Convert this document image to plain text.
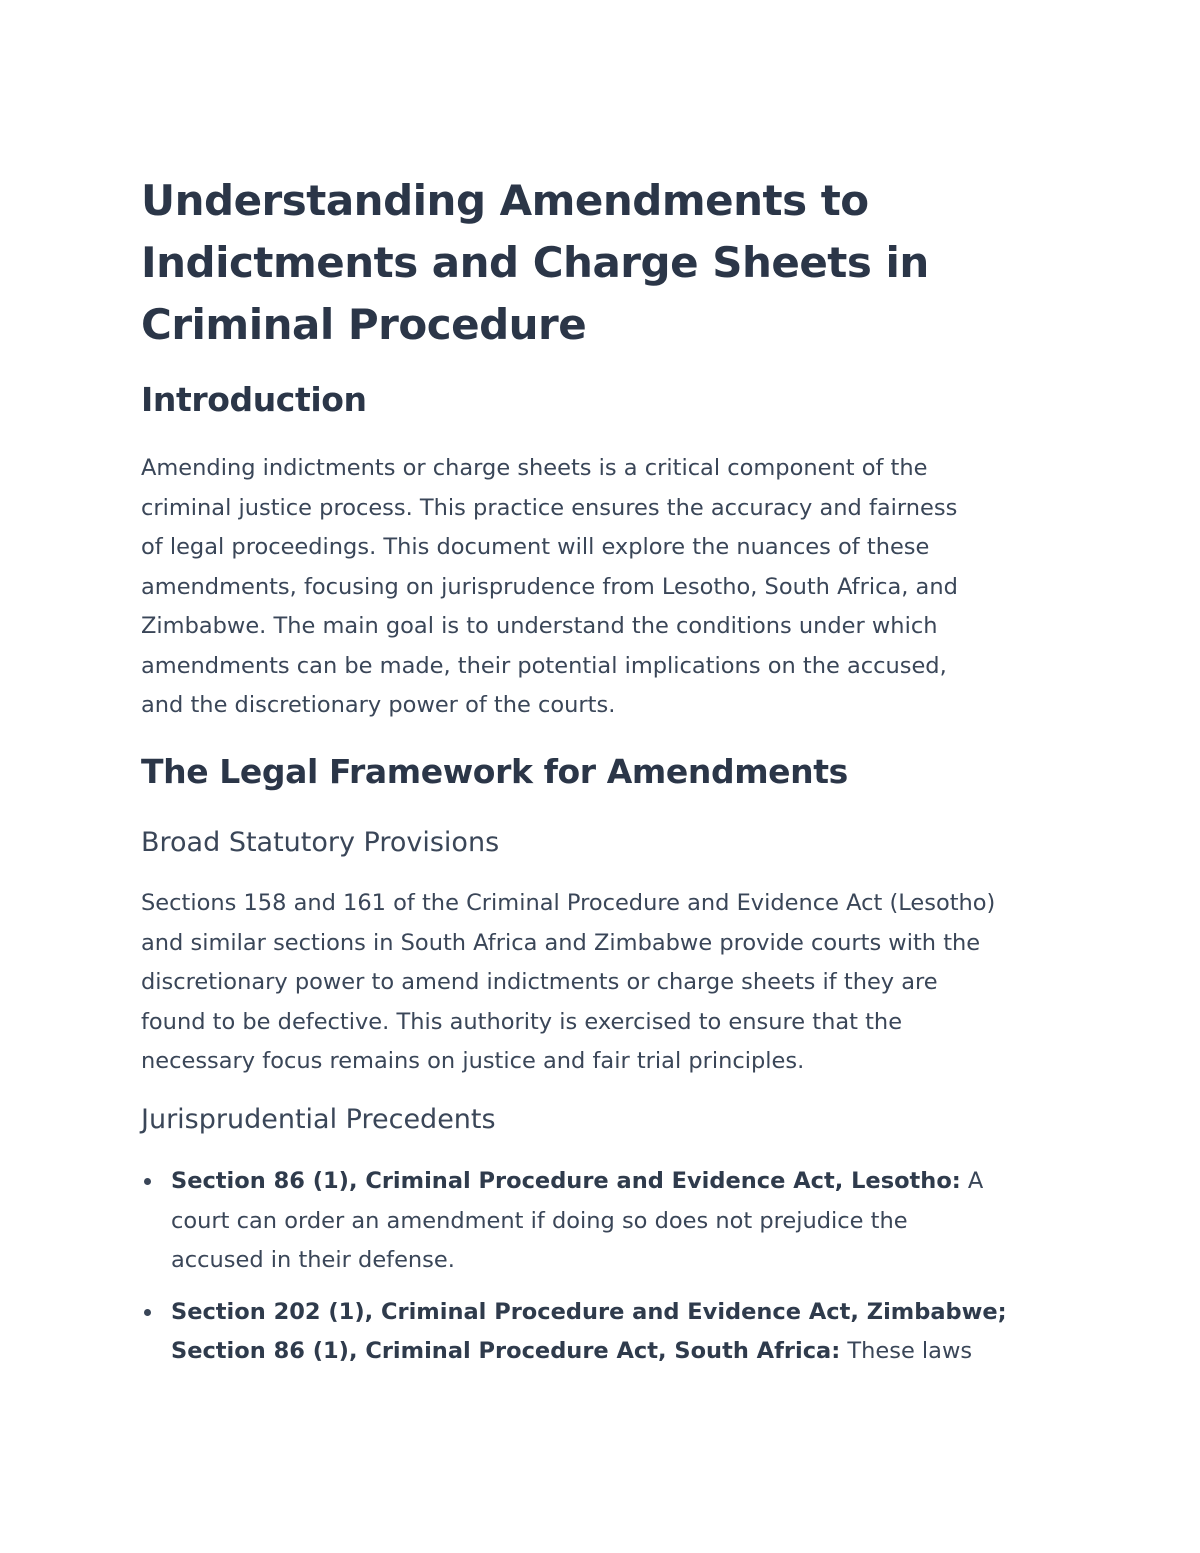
Understanding Amendments to
Indictments and Charge Sheets in
Criminal Procedure
Introduction

Amending indictments or charge sheets is a critical component of the
criminal justice process. This practice ensures the accuracy and fairness
of legal proceedings. This document will explore the nuances of these
amendments, focusing on jurisprudence from Lesotho, South Africa, and
Zimbabwe. The main goal is to understand the conditions under which
amendments can be made, their potential implications on the accused,
and the discretionary power of the courts.

The Legal Framework for Amendments
Broad Statutory Provisions

Sections 158 and 161 of the Criminal Procedure and Evidence Act (Lesotho)
and similar sections in South Africa and Zimbabwe provide courts with the
discretionary power to amend indictments or charge sheets if they are
found to be defective. This authority is exercised to ensure that the
necessary focus remains on justice and fair trial principles.

Jurisprudential Precedents
Section 86 (1), Criminal Procedure and Evidence Act, Lesotho: A
court can order an amendment if doing so does not prejudice the
accused in their defense.
Section 202 (1), Criminal Procedure and Evidence Act, Zimbabwe;
Section 86 (1), Criminal Procedure Act, South Africa: These laws
